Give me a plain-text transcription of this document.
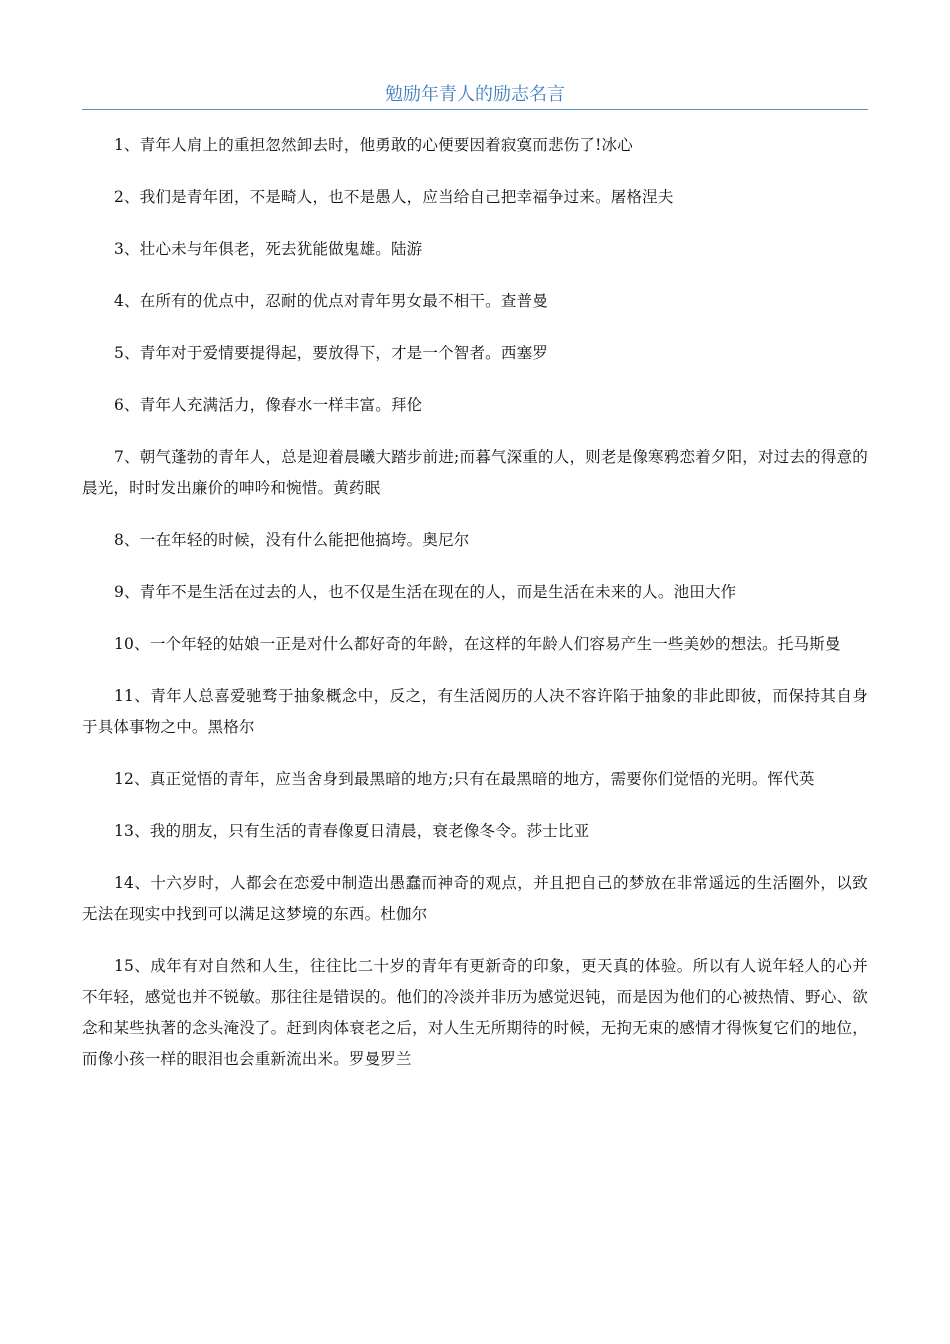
勉励年青人的励志名言

1、青年人肩上的重担忽然卸去时，他勇敢的心便要因着寂寞而悲伤了!冰心

2、我们是青年团，不是畸人，也不是愚人，应当给自己把幸福争过来。屠格涅夫

3、壮心未与年俱老，死去犹能做鬼雄。陆游

4、在所有的优点中，忍耐的优点对青年男女最不相干。查普曼

5、青年对于爱情要提得起，要放得下，才是一个智者。西塞罗

6、青年人充满活力，像春水一样丰富。拜伦

7、朝气蓬勃的青年人，总是迎着晨曦大踏步前进;而暮气深重的人，则老是像寒鸦恋着夕阳，对过去的得意的晨光，时时发出廉价的呻吟和惋惜。黄药眠

8、一在年轻的时候，没有什么能把他搞垮。奥尼尔

9、青年不是生活在过去的人，也不仅是生活在现在的人，而是生活在未来的人。池田大作

10、一个年轻的姑娘一正是对什么都好奇的年龄，在这样的年龄人们容易产生一些美妙的想法。托马斯曼

11、青年人总喜爱驰骛于抽象概念中，反之，有生活阅历的人决不容许陷于抽象的非此即彼，而保持其自身于具体事物之中。黑格尔

12、真正觉悟的青年，应当舍身到最黑暗的地方;只有在最黑暗的地方，需要你们觉悟的光明。恽代英

13、我的朋友，只有生活的青春像夏日清晨，衰老像冬令。莎士比亚

14、十六岁时，人都会在恋爱中制造出愚蠢而神奇的观点，并且把自己的梦放在非常遥远的生活圈外，以致无法在现实中找到可以满足这梦境的东西。杜伽尔

15、成年有对自然和人生，往往比二十岁的青年有更新奇的印象，更天真的体验。所以有人说年轻人的心并不年轻，感觉也并不锐敏。那往往是错误的。他们的冷淡并非历为感觉迟钝，而是因为他们的心被热情、野心、欲念和某些执著的念头淹没了。赶到肉体衰老之后，对人生无所期待的时候，无拘无束的感情才得恢复它们的地位，而像小孩一样的眼泪也会重新流出米。罗曼罗兰
